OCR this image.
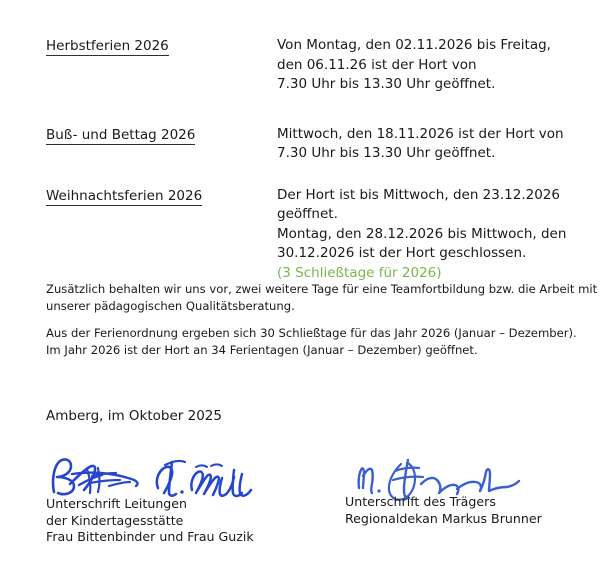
Herbstferien 2026	Von Montag, den 02.11.2026 bis Freitag,
den 06.11.26 ist der Hort von
7.30 Uhr bis 13.30 Uhr geöffnet.
Buß- und Bettag 2026	Mittwoch, den 18.11.2026 ist der Hort von
7.30 Uhr bis 13.30 Uhr geöffnet.
Weihnachtsferien 2026	Der Hort ist bis Mittwoch, den 23.12.2026
geöffnet.
Montag, den 28.12.2026 bis Mittwoch, den
30.12.2026 ist der Hort geschlossen.
(3 Schließtage für 2026)
Zusätzlich behalten wir uns vor, zwei weitere Tage für eine Teamfortbildung bzw. die Arbeit mit
unserer pädagogischen Qualitätsberatung.
Aus der Ferienordnung ergeben sich 30 Schließtage für das Jahr 2026 (Januar – Dezember).
Im Jahr 2026 ist der Hort an 34 Ferientagen (Januar – Dezember) geöffnet.
Amberg, im Oktober 2025
Unterschrift Leitungen
der Kindertagesstätte
Frau Bittenbinder und Frau Guzik
Unterschrift des Trägers
Regionaldekan Markus Brunner
